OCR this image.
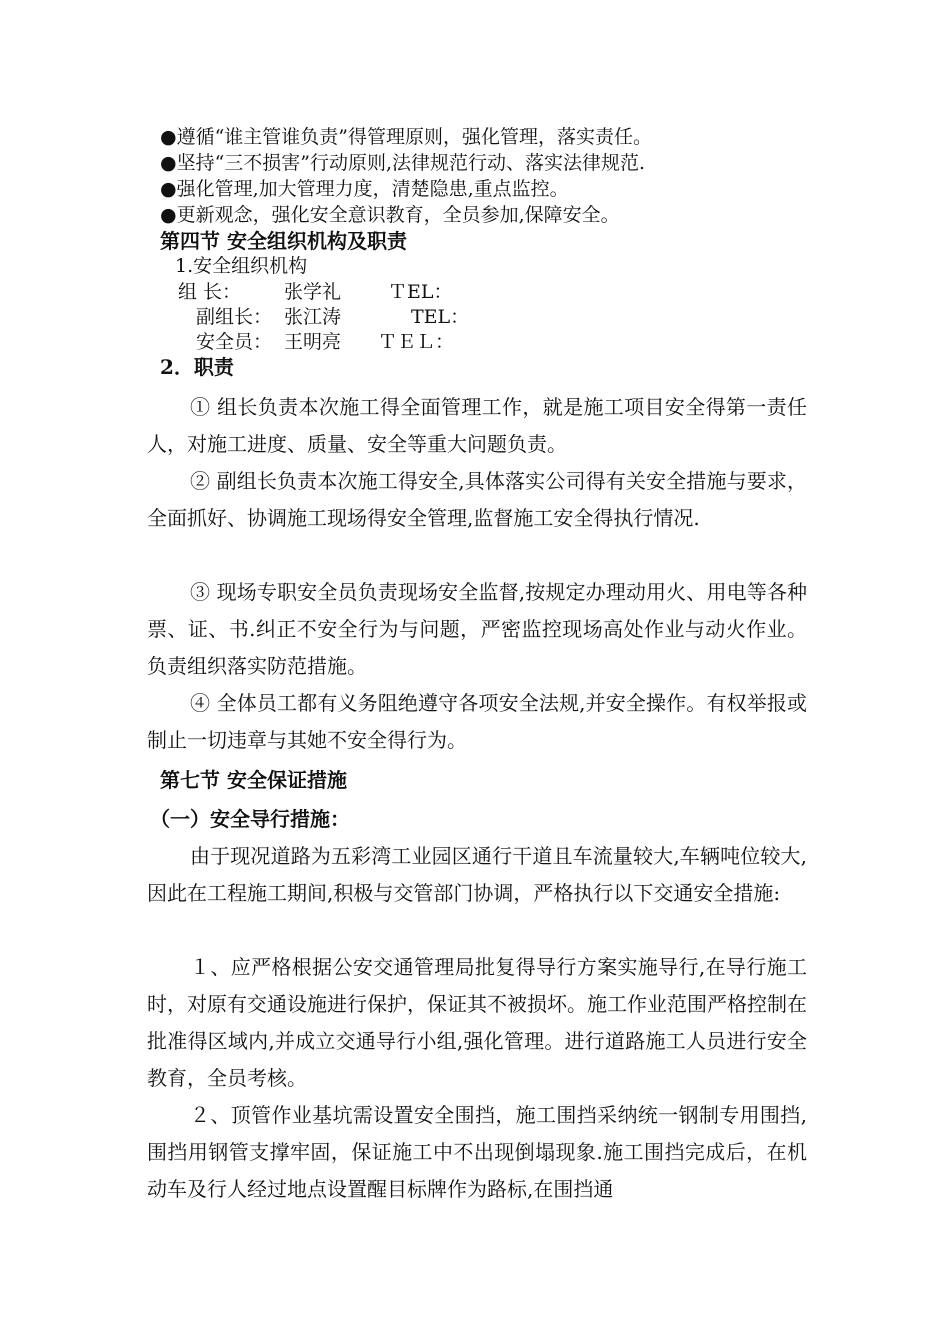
●遵循“谁主管谁负责”得管理原则，强化管理，落实责任。
●坚持“三不损害”行动原则,法律规范行动、落实法律规范.
●强化管理,加大管理力度，清楚隐患,重点监控。
●更新观念，强化安全意识教育，全员参加,保障安全。
第四节 安全组织机构及职责
1.安全组织机构
组 长： 张学礼 ＴEL：
副组长： 张江涛	TEL：
安全员： 王明亮 ＴＥＬ：
2．职责

① 组长负责本次施工得全面管理工作，就是施工项目安全得第一责任人，对施工进度、质量、安全等重大问题负责。

② 副组长负责本次施工得安全,具体落实公司得有关安全措施与要求，全面抓好、协调施工现场得安全管理,监督施工安全得执行情况.

③ 现场专职安全员负责现场安全监督,按规定办理动用火、用电等各种票、证、书.纠正不安全行为与问题，严密监控现场高处作业与动火作业。负责组织落实防范措施。

④ 全体员工都有义务阻绝遵守各项安全法规,并安全操作。有权举报或制止一切违章与其她不安全得行为。

第七节 安全保证措施
（一）安全导行措施：

由于现况道路为五彩湾工业园区通行干道且车流量较大,车辆吨位较大,因此在工程施工期间,积极与交管部门协调，严格执行以下交通安全措施:

１、应严格根据公安交通管理局批复得导行方案实施导行,在导行施工时，对原有交通设施进行保护，保证其不被损坏。施工作业范围严格控制在批准得区域内,并成立交通导行小组,强化管理。进行道路施工人员进行安全教育，全员考核。

２、顶管作业基坑需设置安全围挡，施工围挡采纳统一钢制专用围挡,围挡用钢管支撑牢固，保证施工中不出现倒塌现象.施工围挡完成后，在机动车及行人经过地点设置醒目标牌作为路标,在围挡通
